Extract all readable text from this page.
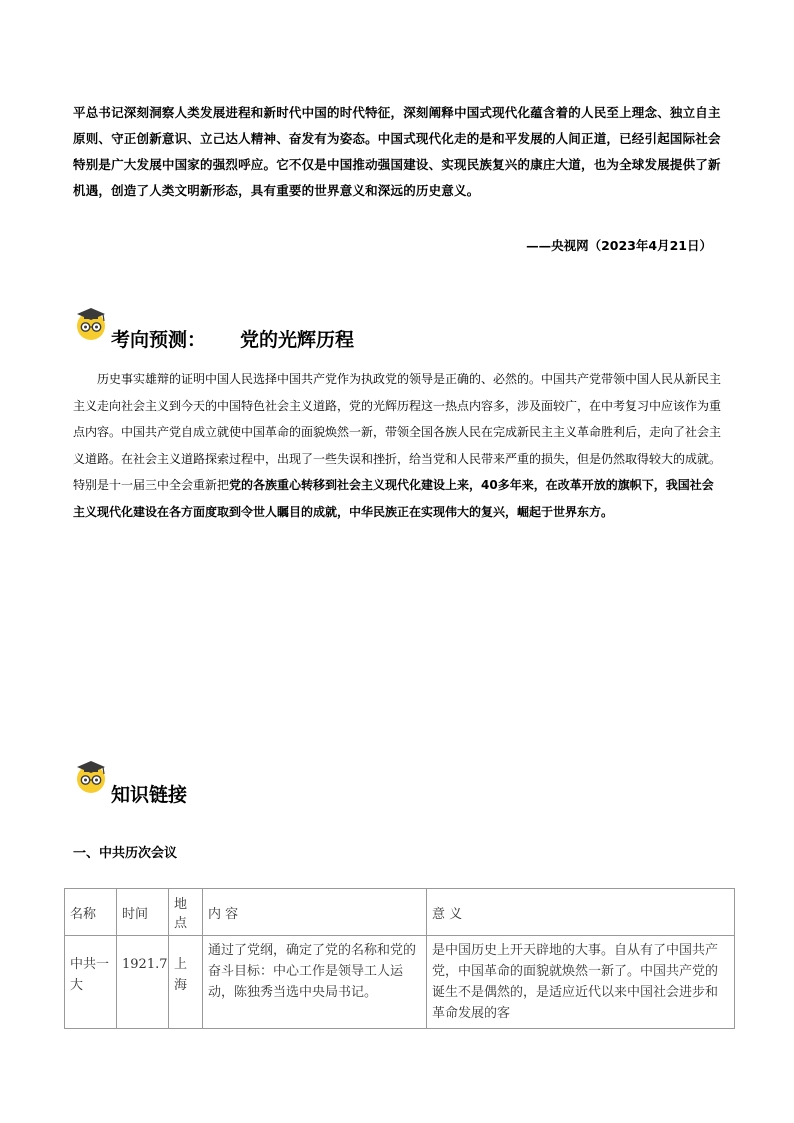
平总书记深刻洞察人类发展进程和新时代中国的时代特征，深刻阐释中国式现代化蕴含着的人民至上理念、独立自主原则、守正创新意识、立己达人精神、奋发有为姿态。中国式现代化走的是和平发展的人间正道，已经引起国际社会特别是广大发展中国家的强烈呼应。它不仅是中国推动强国建设、实现民族复兴的康庄大道，也为全球发展提供了新机遇，创造了人类文明新形态，具有重要的世界意义和深远的历史意义。

——央视网（2023年4月21日）
考向预测： 党的光辉历程

历史事实雄辩的证明中国人民选择中国共产党作为执政党的领导是正确的、必然的。中国共产党带领中国人民从新民主主义走向社会主义到今天的中国特色社会主义道路，党的光辉历程这一热点内容多，涉及面较广，在中考复习中应该作为重点内容。中国共产党自成立就使中国革命的面貌焕然一新，带领全国各族人民在完成新民主主义革命胜利后，走向了社会主义道路。在社会主义道路探索过程中，出现了一些失误和挫折，给当党和人民带来严重的损失，但是仍然取得较大的成就。特别是十一届三中全会重新把党的各族重心转移到社会主义现代化建设上来，40多年来，在改革开放的旗帜下，我国社会主义现代化建设在各方面度取到令世人瞩目的成就，中华民族正在实现伟大的复兴，崛起于世界东方。

知识链接
一、中共历次会议
名称	时间	地点	内 容	意 义
中共一大	1921.7	上海	通过了党纲，确定了党的名称和党的奋斗目标：中心工作是领导工人运动，陈独秀当选中央局书记。	是中国历史上开天辟地的大事。自从有了中国共产党，中国革命的面貌就焕然一新了。中国共产党的诞生不是偶然的，是适应近代以来中国社会进步和革命发展的客
